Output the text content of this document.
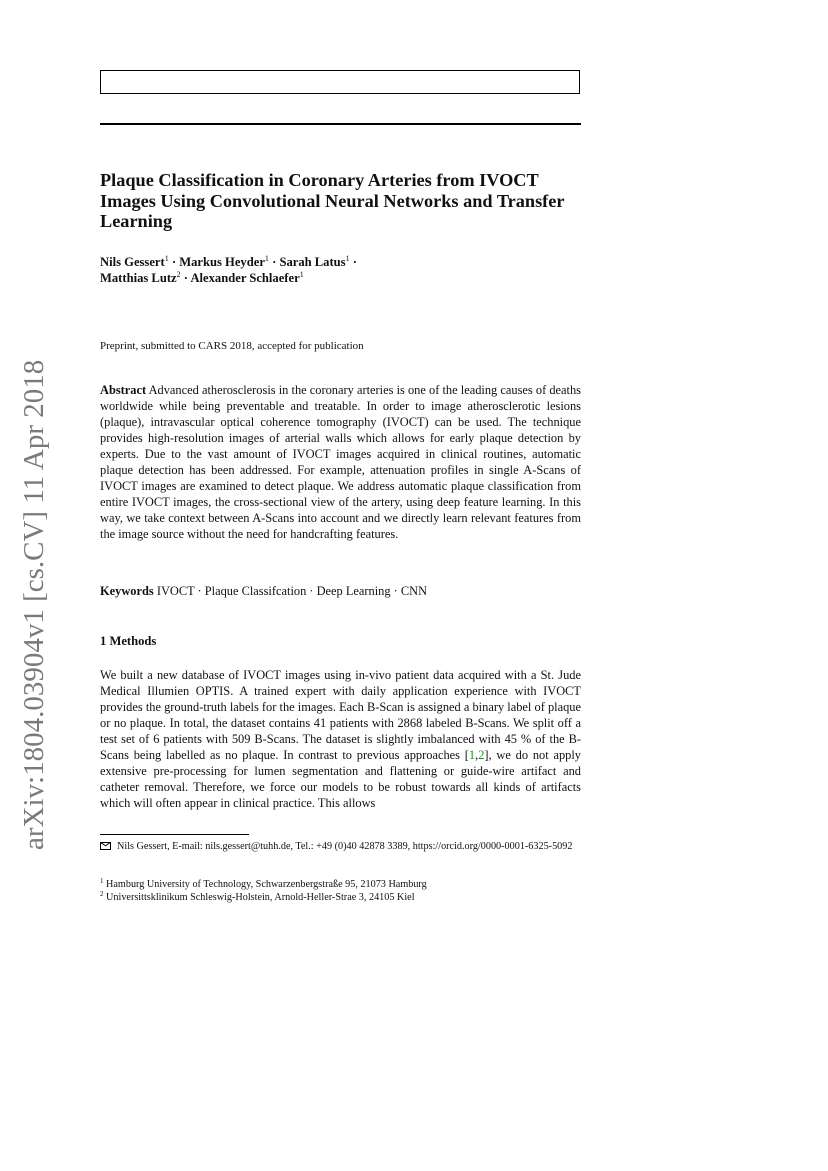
arXiv:1804.03904v1 [cs.CV] 11 Apr 2018
Plaque Classification in Coronary Arteries from IVOCT Images Using Convolutional Neural Networks and Transfer Learning
Nils Gessert$^1$ · Markus Heyder$^1$ · Sarah Latus$^1$ · Matthias Lutz$^2$ · Alexander Schlaefer$^1$
Preprint, submitted to CARS 2018, accepted for publication

Abstract Advanced atherosclerosis in the coronary arteries is one of the leading causes of deaths worldwide while being preventable and treatable. In order to image atherosclerotic lesions (plaque), intravascular optical coherence tomography (IVOCT) can be used. The technique provides high-resolution images of arterial walls which allows for early plaque detection by experts. Due to the vast amount of IVOCT images acquired in clinical routines, automatic plaque detection has been addressed. For example, attenuation profiles in single A-Scans of IVOCT images are examined to detect plaque. We address automatic plaque classification from entire IVOCT images, the cross-sectional view of the artery, using deep feature learning. In this way, we take context between A-Scans into account and we directly learn relevant features from the image source without the need for handcrafting features.

Keywords IVOCT · Plaque Classifcation · Deep Learning · CNN

1 Methods

We built a new database of IVOCT images using in-vivo patient data acquired with a St. Jude Medical Illumien OPTIS. A trained expert with daily application experience with IVOCT provides the ground-truth labels for the images. Each B-Scan is assigned a binary label of plaque or no plaque. In total, the dataset contains 41 patients with 2868 labeled B-Scans. We split off a test set of 6 patients with 509 B-Scans. The dataset is slightly imbalanced with 45 % of the B-Scans being labelled as no plaque. In contrast to previous approaches [1,2], we do not apply extensive pre-processing for lumen segmentation and flattening or guide-wire artifact and catheter removal. Therefore, we force our models to be robust towards all kinds of artifacts which will often appear in clinical practice. This allows

Nils Gessert, E-mail: nils.gessert@tuhh.de, Tel.: +49 (0)40 42878 3389, https://orcid.org/0000-0001-6325-5092
$^1$ Hamburg University of Technology, Schwarzenbergstraße 95, 21073 Hamburg
$^2$ Universittsklinikum Schleswig-Holstein, Arnold-Heller-Strae 3, 24105 Kiel
